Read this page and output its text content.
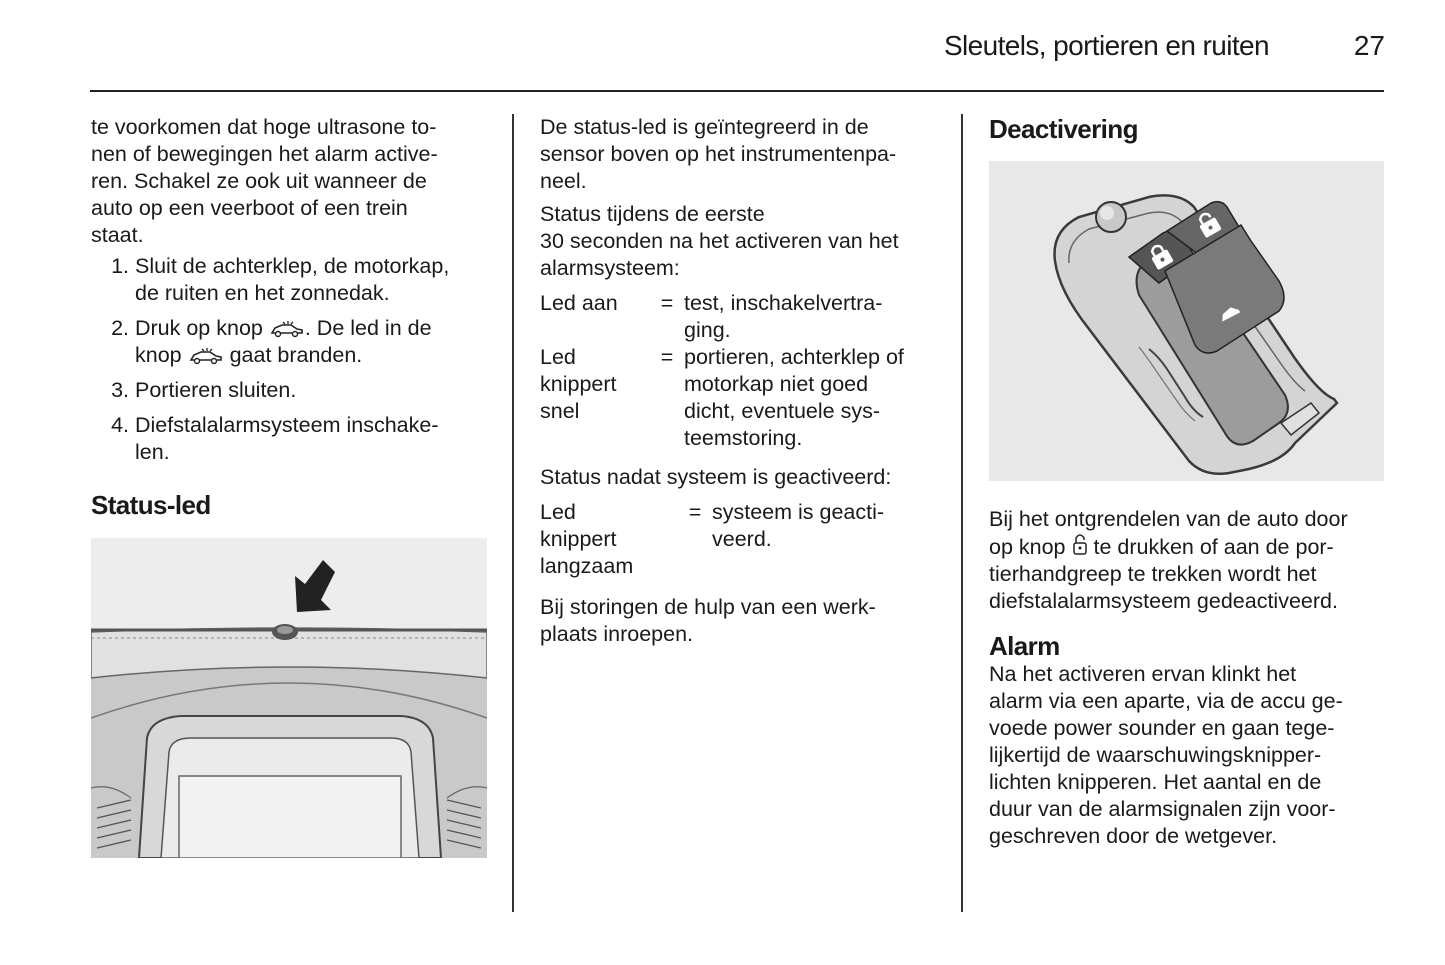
Sleutels, portieren en ruiten	27

te voorkomen dat hoge ultrasone to-
nen of bewegingen het alarm active-
ren. Schakel ze ook uit wanneer de
auto op een veerboot of een trein
staat.

1. Sluit de achterklep, de motorkap,
de ruiten en het zonnedak.
2. Druk op knop . De led in de
knop gaat branden.
3. Portieren sluiten.
4. Diefstalalarmsysteem inschake-
len.
Status-led

De status-led is geïntegreerd in de
sensor boven op het instrumentenpa-
neel.

Status tijdens de eerste
30 seconden na het activeren van het
alarmsysteem:

Led aan	= test, inschakelvertra-
ging.
Led
knippert
snel
= portieren, achterklep of
motorkap niet goed
dicht, eventuele sys-
teemstoring.

Status nadat systeem is geactiveerd:

Led
knippert
langzaam
= systeem is geacti-
veerd.

Bij storingen de hulp van een werk-
plaats inroepen.

Deactivering

Bij het ontgrendelen van de auto door
op knop te drukken of aan de por-
tierhandgreep te trekken wordt het
diefstalalarmsysteem gedeactiveerd.

Alarm

Na het activeren ervan klinkt het
alarm via een aparte, via de accu ge-
voede power sounder en gaan tege-
lijkertijd de waarschuwingsknipper-
lichten knipperen. Het aantal en de
duur van de alarmsignalen zijn voor-
geschreven door de wetgever.
